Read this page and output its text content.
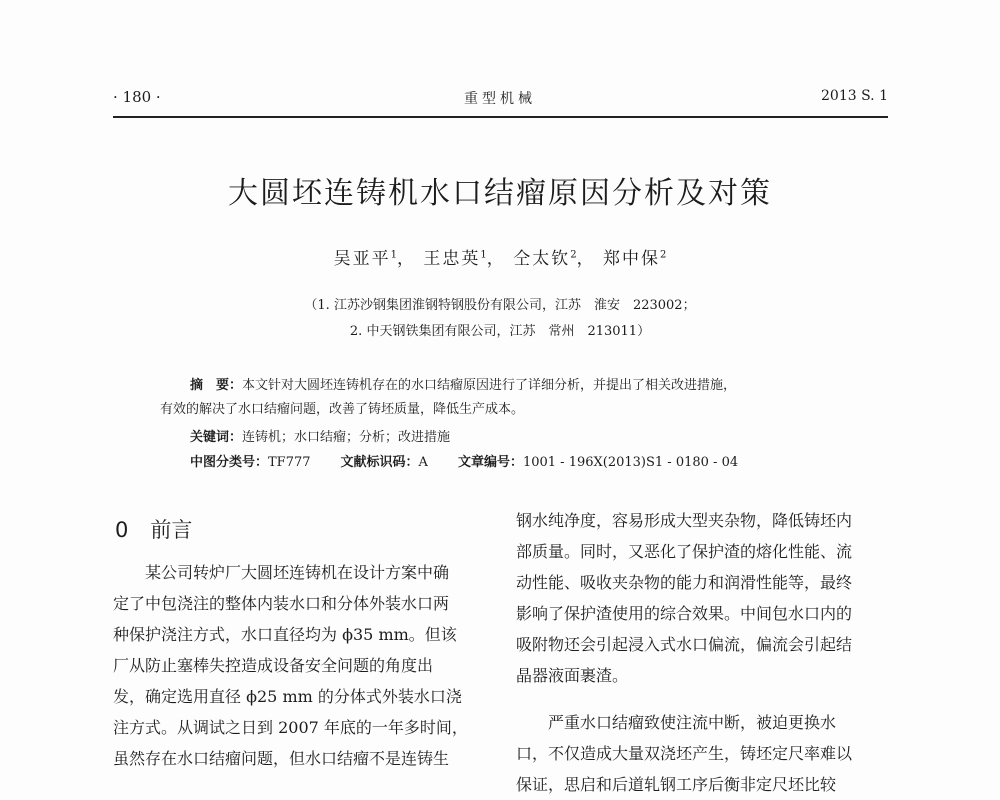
· 180 ·	重型机械	2013 S. 1
大圆坯连铸机水口结瘤原因分析及对策
吴亚平$^1$， 王忠英$^1$， 仝太钦$^2$， 郑中保$^2$
（1. 江苏沙钢集团淮钢特钢股份有限公司，江苏　淮安　223002；
2. 中天钢铁集团有限公司，江苏　常州　213011）
摘　要：本文针对大圆坯连铸机存在的水口结瘤原因进行了详细分析，并提出了相关改进措施，
有效的解决了水口结瘤问题，改善了铸坯质量，降低生产成本。
关键词：连铸机；水口结瘤；分析；改进措施
中图分类号：TF777 文献标识码：A 文章编号：1001 - 196X(2013)S1 - 0180 - 04
0 前言

某公司转炉厂大圆坯连铸机在设计方案中确

定了中包浇注的整体内装水口和分体外装水口两

种保护浇注方式，水口直径均为 ϕ35 mm。但该

厂从防止塞棒失控造成设备安全问题的角度出

发，确定选用直径 ϕ25 mm 的分体式外装水口浇

注方式。从调试之日到 2007 年底的一年多时间，

虽然存在水口结瘤问题，但水口结瘤不是连铸生

钢水纯净度，容易形成大型夹杂物，降低铸坯内

部质量。同时，又恶化了保护渣的熔化性能、流

动性能、吸收夹杂物的能力和润滑性能等，最终

影响了保护渣使用的综合效果。中间包水口内的

吸附物还会引起浸入式水口偏流，偏流会引起结

晶器液面裹渣。

严重水口结瘤致使注流中断，被迫更换水

口，不仅造成大量双浇坯产生，铸坯定尺率难以

保证，思启和后道轧钢工序后衡非定尺坯比较
